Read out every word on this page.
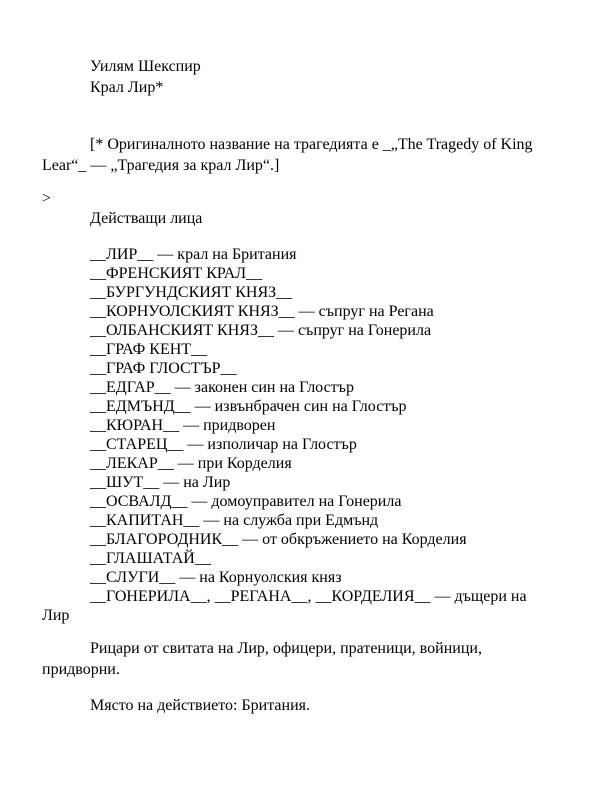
Уилям Шекспир
Крал Лир*
[* Оригиналното название на трагедията е _„The Tragedy of King
Lear“_ — „Трагедия за крал Лир“.]
>
Действащи лица
__ЛИР__ — крал на Британия
__ФРЕНСКИЯТ КРАЛ__
__БУРГУНДСКИЯТ КНЯЗ__
__КОРНУОЛСКИЯТ КНЯЗ__ — съпруг на Регана
__ОЛБАНСКИЯТ КНЯЗ__ — съпруг на Гонерила
__ГРАФ КЕНТ__
__ГРАФ ГЛОСТЪР__
__ЕДГАР__ — законен син на Глостър
__ЕДМЪНД__ — извънбрачен син на Глостър
__КЮРАН__ — придворен
__СТАРЕЦ__ — изполичар на Глостър
__ЛЕКАР__ — при Корделия
__ШУТ__ — на Лир
__ОСВАЛД__ — домоуправител на Гонерила
__КАПИТАН__ — на служба при Едмънд
__БЛАГОРОДНИК__ — от обкръжението на Корделия
__ГЛАШАТАЙ__
__СЛУГИ__ — на Корнуолския княз
__ГОНЕРИЛА__, __РЕГАНА__, __КОРДЕЛИЯ__ — дъщери на
Лир
Рицари от свитата на Лир, офицери, пратеници, войници,
придворни.
Място на действието: Британия.
